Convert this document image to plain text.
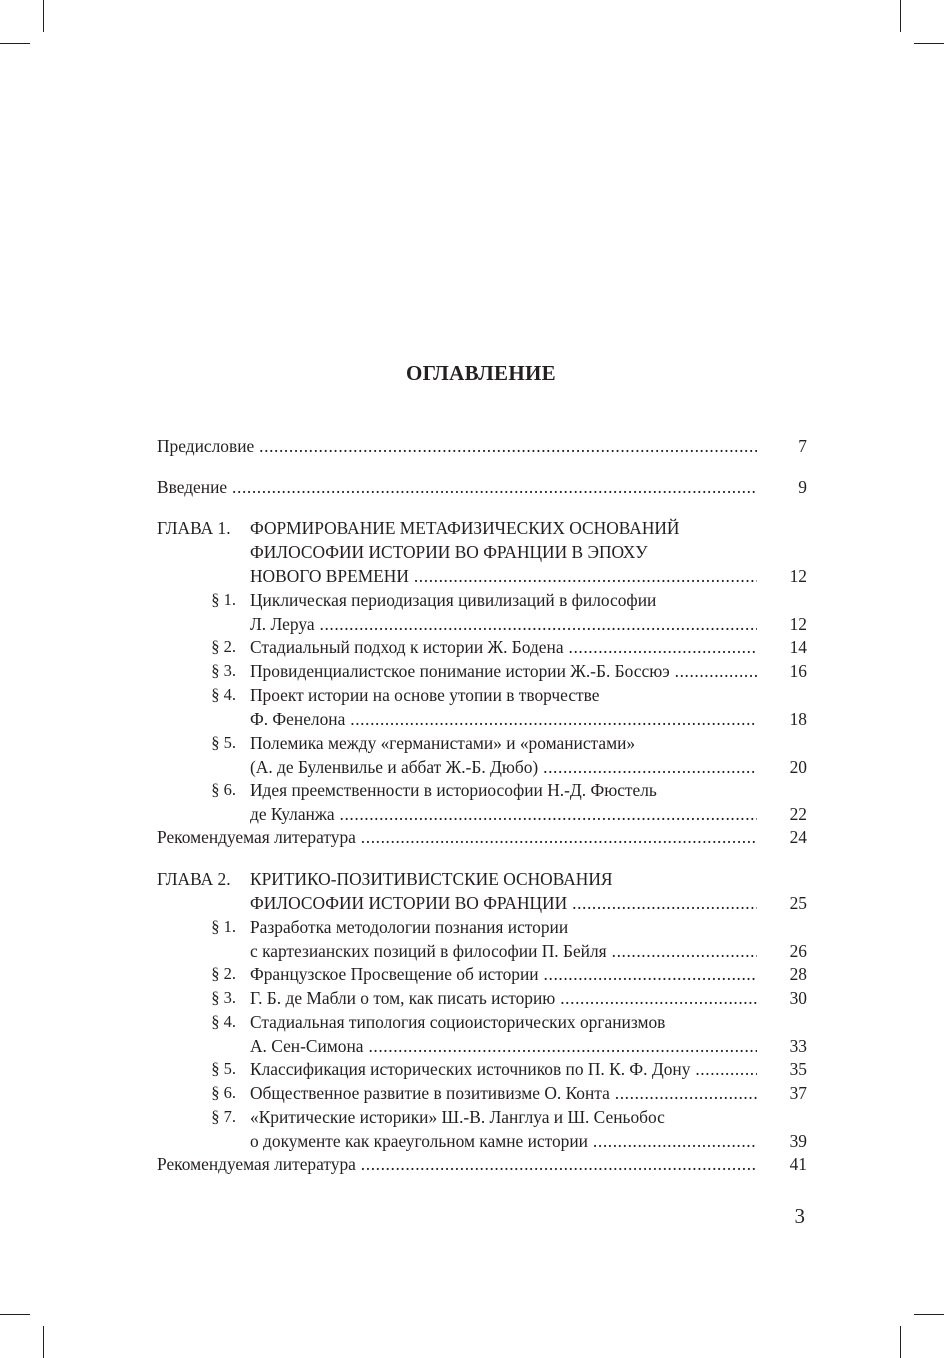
ОГЛАВЛЕНИЕ
Предисловие .....	7
Введение .....	9
ГЛАВА 1.	ФОРМИРОВАНИЕ МЕТАФИЗИЧЕСКИХ ОСНОВАНИЙ
ФИЛОСОФИИ ИСТОРИИ ВО ФРАНЦИИ В ЭПОХУ
НОВОГО ВРЕМЕНИ .....	12
§ 1. Циклическая периодизация цивилизаций в философии
Л. Леруа .....	12
§ 2. Стадиальный подход к истории Ж. Бодена .....	14
§ 3. Провиденциалистское понимание истории Ж.-Б. Боссюэ .....	16
§ 4. Проект истории на основе утопии в творчестве
Ф. Фенелона .....	18
§ 5. Полемика между «германистами» и «романистами»
(А. де Буленвилье и аббат Ж.-Б. Дюбо) .....	20
§ 6. Идея преемственности в историософии Н.-Д. Фюстель
де Куланжа .....	22
Рекомендуемая литература .....	24
ГЛАВА 2.	КРИТИКО-ПОЗИТИВИСТСКИЕ ОСНОВАНИЯ
ФИЛОСОФИИ ИСТОРИИ ВО ФРАНЦИИ .....	25
§ 1. Разработка методологии познания истории
с картезианских позиций в философии П. Бейля .....	26
§ 2. Французское Просвещение об истории .....	28
§ 3. Г. Б. де Мабли о том, как писать историю .....	30
§ 4. Стадиальная типология социоисторических организмов
А. Сен-Симона .....	33
§ 5. Классификация исторических источников по П. К. Ф. Дону .....	35
§ 6. Общественное развитие в позитивизме О. Конта .....	37
§ 7. «Критические историки» Ш.-В. Ланглуа и Ш. Сеньобос
о документе как краеугольном камне истории .....	39
Рекомендуемая литература .....	41
3
